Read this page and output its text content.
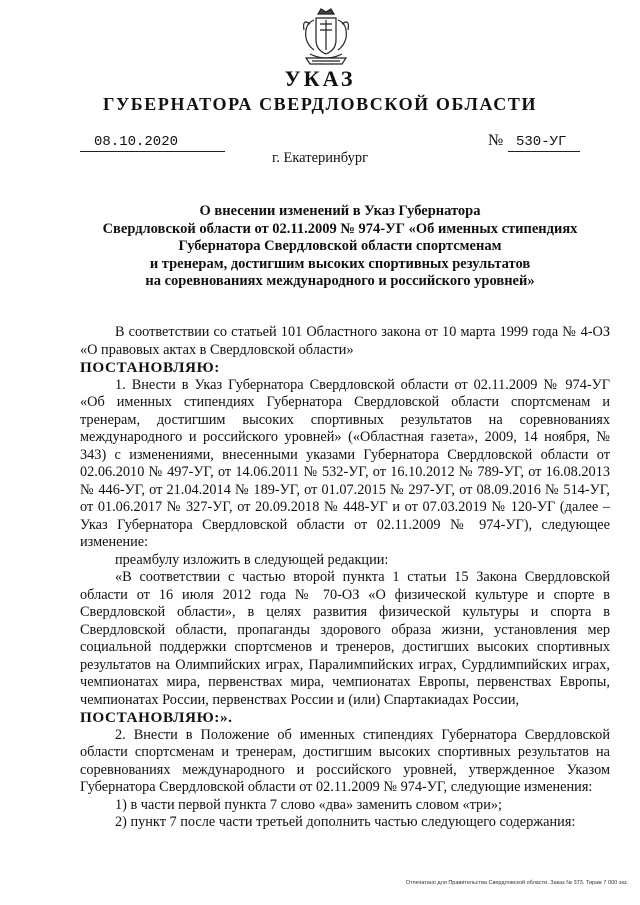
УКАЗ
ГУБЕРНАТОРА СВЕРДЛОВСКОЙ ОБЛАСТИ
08.10.2020	№ 530-УГ
г. Екатеринбург
О внесении изменений в Указ Губернатора
Свердловской области от 02.11.2009 № 974-УГ «Об именных стипендиях
Губернатора Свердловской области спортсменам
и тренерам, достигшим высоких спортивных результатов
на соревнованиях международного и российского уровней»

В соответствии со статьей 101 Областного закона от 10 марта 1999 года № 4-ОЗ «О правовых актах в Свердловской области»

ПОСТАНОВЛЯЮ:

1. Внести в Указ Губернатора Свердловской области от 02.11.2009 № 974-УГ «Об именных стипендиях Губернатора Свердловской области спортсменам и тренерам, достигшим высоких спортивных результатов на соревнованиях международного и российского уровней» («Областная газета», 2009, 14 ноября, № 343) с изменениями, внесенными указами Губернатора Свердловской области от 02.06.2010 № 497-УГ, от 14.06.2011 № 532-УГ, от 16.10.2012 № 789-УГ, от 16.08.2013 № 446-УГ, от 21.04.2014 № 189-УГ, от 01.07.2015 № 297-УГ, от 08.09.2016 № 514-УГ, от 01.06.2017 № 327-УГ, от 20.09.2018 № 448-УГ и от 07.03.2019 № 120-УГ (далее – Указ Губернатора Свердловской области от 02.11.2009 № 974-УГ), следующее изменение:

преамбулу изложить в следующей редакции:

«В соответствии с частью второй пункта 1 статьи 15 Закона Свердловской области от 16 июля 2012 года № 70-ОЗ «О физической культуре и спорте в Свердловской области», в целях развития физической культуры и спорта в Свердловской области, пропаганды здорового образа жизни, установления мер социальной поддержки спортсменов и тренеров, достигших высоких спортивных результатов на Олимпийских играх, Паралимпийских играх, Сурдлимпийских играх, чемпионатах мира, первенствах мира, чемпионатах Европы, первенствах Европы, чемпионатах России, первенствах России и (или) Спартакиадах России,

ПОСТАНОВЛЯЮ:».

2. Внести в Положение об именных стипендиях Губернатора Свердловской области спортсменам и тренерам, достигшим высоких спортивных результатов на соревнованиях международного и российского уровней, утвержденное Указом Губернатора Свердловской области от 02.11.2009 № 974-УГ, следующие изменения:

1) в части первой пункта 7 слово «два» заменить словом «три»;

2) пункт 7 после части третьей дополнить частью следующего содержания:

Отпечатано для Правительства Свердловской области. Заказ № 373. Тираж 7 000 экз.
